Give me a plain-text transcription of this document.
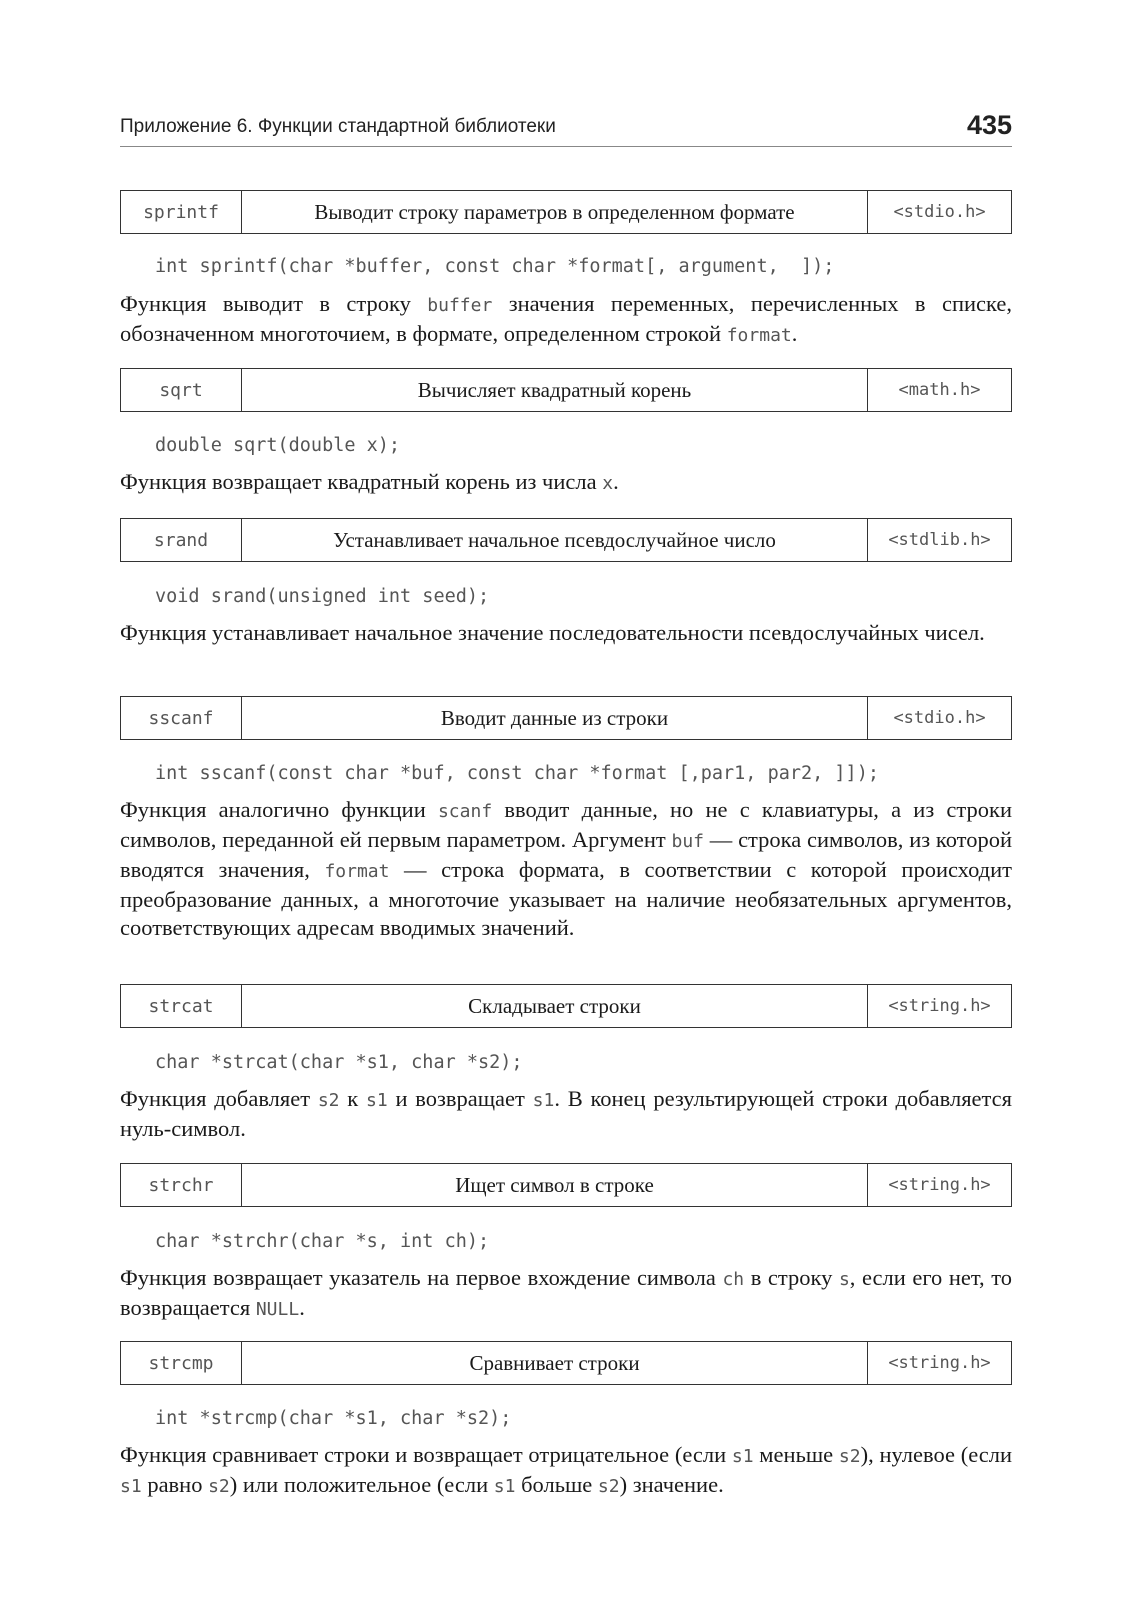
Приложение 6. Функции стандартной библиотеки	435
sprintf	Выводит строку параметров в определенном формате	<stdio.h>
int sprintf(char *buffer, const char *format[, argument,  ]);
Функция выводит в строку buffer значения переменных, перечисленных в списке, обозначенном многоточием, в формате, определенном строкой format.
sqrt	Вычисляет квадратный корень	<math.h>
double sqrt(double x);
Функция возвращает квадратный корень из числа x.
srand	Устанавливает начальное псевдослучайное число	<stdlib.h>
void srand(unsigned int seed);
Функция устанавливает начальное значение последовательности псевдослучайных чисел.
sscanf	Вводит данные из строки	<stdio.h>
int sscanf(const char *buf, const char *format [,par1, par2, ]]);
Функция аналогично функции scanf вводит данные, но не с клавиатуры, а из строки символов, переданной ей первым параметром. Аргумент buf — строка символов, из которой вводятся значения, format — строка формата, в соответствии с которой происходит преобразование данных, а многоточие указывает на наличие необязательных аргументов, соответствующих адресам вводимых значений.
strcat	Складывает строки	<string.h>
char *strcat(char *s1, char *s2);
Функция добавляет s2 к s1 и возвращает s1. В конец результирующей строки добавляется нуль-символ.
strchr	Ищет символ в строке	<string.h>
char *strchr(char *s, int ch);
Функция возвращает указатель на первое вхождение символа ch в строку s, если его нет, то возвращается NULL.
strcmp	Сравнивает строки	<string.h>
int *strcmp(char *s1, char *s2);
Функция сравнивает строки и возвращает отрицательное (если s1 меньше s2), нулевое (если s1 равно s2) или положительное (если s1 больше s2) значение.
